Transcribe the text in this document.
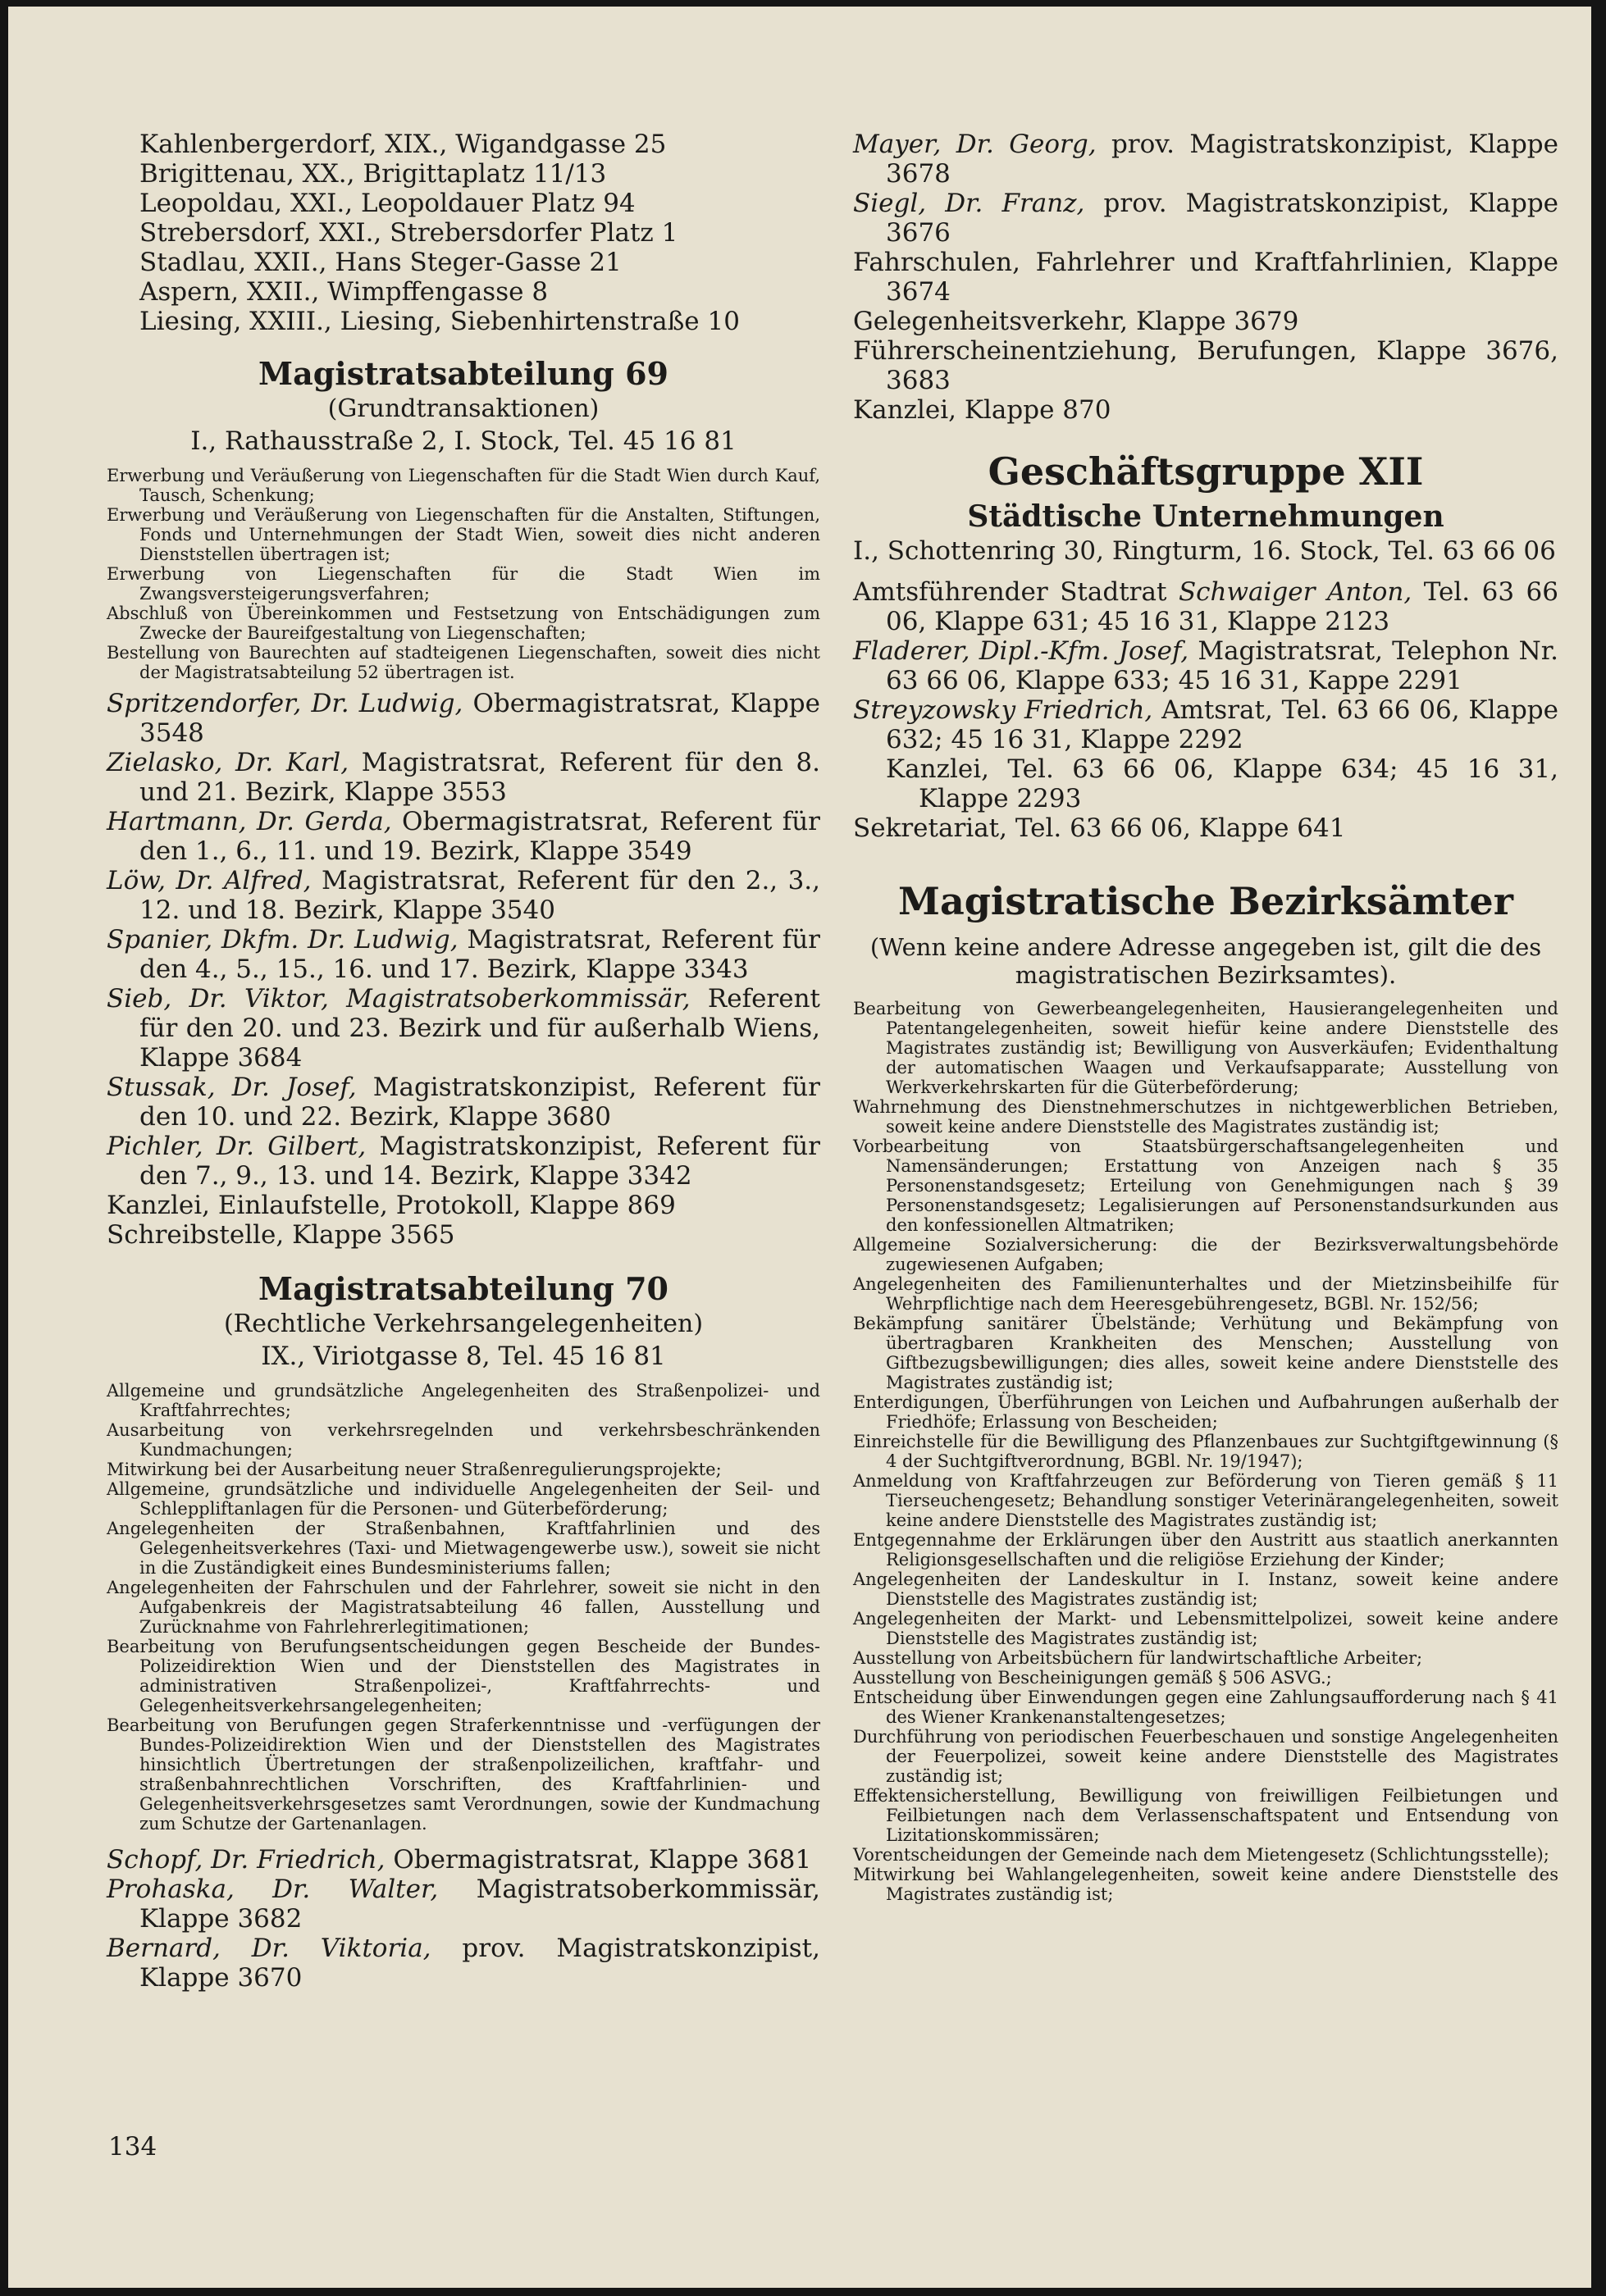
Kahlenbergerdorf, XIX., Wigandgasse 25
Brigittenau, XX., Brigittaplatz 11/13
Leopoldau, XXI., Leopoldauer Platz 94
Strebersdorf, XXI., Strebersdorfer Platz 1
Stadlau, XXII., Hans Steger-Gasse 21
Aspern, XXII., Wimpffengasse 8
Liesing, XXIII., Liesing, Siebenhirtenstraße 10
Magistratsabteilung 69
(Grundtransaktionen)
I., Rathausstraße 2, I. Stock, Tel. 45 16 81
Erwerbung und Veräußerung von Liegenschaften für die Stadt Wien durch Kauf, Tausch, Schenkung;
Erwerbung und Veräußerung von Liegenschaften für die Anstalten, Stiftungen, Fonds und Unternehmungen der Stadt Wien, soweit dies nicht anderen Dienststellen übertragen ist;
Erwerbung von Liegenschaften für die Stadt Wien im Zwangsversteigerungsverfahren;
Abschluß von Übereinkommen und Festsetzung von Entschädigungen zum Zwecke der Baureifgestaltung von Liegenschaften;
Bestellung von Baurechten auf stadteigenen Liegenschaften, soweit dies nicht der Magistratsabteilung 52 übertragen ist.
Spritzendorfer, Dr. Ludwig, Obermagistratsrat, Klappe 3548
Zielasko, Dr. Karl, Magistratsrat, Referent für den 8. und 21. Bezirk, Klappe 3553
Hartmann, Dr. Gerda, Obermagistratsrat, Referent für den 1., 6., 11. und 19. Bezirk, Klappe 3549
Löw, Dr. Alfred, Magistratsrat, Referent für den 2., 3., 12. und 18. Bezirk, Klappe 3540
Spanier, Dkfm. Dr. Ludwig, Magistratsrat, Referent für den 4., 5., 15., 16. und 17. Bezirk, Klappe 3343
Sieb, Dr. Viktor, Magistratsoberkommissär, Referent für den 20. und 23. Bezirk und für außerhalb Wiens, Klappe 3684
Stussak, Dr. Josef, Magistratskonzipist, Referent für den 10. und 22. Bezirk, Klappe 3680
Pichler, Dr. Gilbert, Magistratskonzipist, Referent für den 7., 9., 13. und 14. Bezirk, Klappe 3342
Kanzlei, Einlaufstelle, Protokoll, Klappe 869
Schreibstelle, Klappe 3565
Magistratsabteilung 70
(Rechtliche Verkehrsangelegenheiten)
IX., Viriotgasse 8, Tel. 45 16 81
Allgemeine und grundsätzliche Angelegenheiten des Straßenpolizei- und Kraftfahrrechtes;
Ausarbeitung von verkehrsregelnden und verkehrsbeschränkenden Kundmachungen;
Mitwirkung bei der Ausarbeitung neuer Straßenregulierungsprojekte;
Allgemeine, grundsätzliche und individuelle Angelegenheiten der Seil- und Schleppliftanlagen für die Personen- und Güterbeförderung;
Angelegenheiten der Straßenbahnen, Kraftfahrlinien und des Gelegenheitsverkehres (Taxi- und Mietwagengewerbe usw.), soweit sie nicht in die Zuständigkeit eines Bundesministeriums fallen;
Angelegenheiten der Fahrschulen und der Fahrlehrer, soweit sie nicht in den Aufgabenkreis der Magistratsabteilung 46 fallen, Ausstellung und Zurücknahme von Fahrlehrerlegitimationen;
Bearbeitung von Berufungsentscheidungen gegen Bescheide der Bundes-Polizeidirektion Wien und der Dienststellen des Magistrates in administrativen Straßenpolizei-, Kraftfahrrechts- und Gelegenheitsverkehrsangelegenheiten;
Bearbeitung von Berufungen gegen Straferkenntnisse und -verfügungen der Bundes-Polizeidirektion Wien und der Dienststellen des Magistrates hinsichtlich Übertretungen der straßenpolizeilichen, kraftfahr- und straßenbahnrechtlichen Vorschriften, des Kraftfahrlinien- und Gelegenheitsverkehrsgesetzes samt Verordnungen, sowie der Kundmachung zum Schutze der Gartenanlagen.
Schopf, Dr. Friedrich, Obermagistratsrat, Klappe 3681
Prohaska, Dr. Walter, Magistratsoberkommissär, Klappe 3682
Bernard, Dr. Viktoria, prov. Magistratskonzipist, Klappe 3670
Mayer, Dr. Georg, prov. Magistratskonzipist, Klappe 3678
Siegl, Dr. Franz, prov. Magistratskonzipist, Klappe 3676
Fahrschulen, Fahrlehrer und Kraftfahrlinien, Klappe 3674
Gelegenheitsverkehr, Klappe 3679
Führerscheinentziehung, Berufungen, Klappe 3676, 3683
Kanzlei, Klappe 870
Geschäftsgruppe XII
Städtische Unternehmungen
I., Schottenring 30, Ringturm, 16. Stock, Tel. 63 66 06
Amtsführender Stadtrat Schwaiger Anton, Tel. 63 66 06, Klappe 631; 45 16 31, Klappe 2123
Fladerer, Dipl.-Kfm. Josef, Magistratsrat, Telephon Nr. 63 66 06, Klappe 633; 45 16 31, Kappe 2291
Streyzowsky Friedrich, Amtsrat, Tel. 63 66 06, Klappe 632; 45 16 31, Klappe 2292
Kanzlei, Tel. 63 66 06, Klappe 634; 45 16 31, Klappe 2293
Sekretariat, Tel. 63 66 06, Klappe 641
Magistratische Bezirksämter
(Wenn keine andere Adresse angegeben ist, gilt die des magistratischen Bezirksamtes).
Bearbeitung von Gewerbeangelegenheiten, Hausierangelegenheiten und Patentangelegenheiten, soweit hiefür keine andere Dienststelle des Magistrates zuständig ist; Bewilligung von Ausverkäufen; Evidenthaltung der automatischen Waagen und Verkaufsapparate; Ausstellung von Werkverkehrskarten für die Güterbeförderung;
Wahrnehmung des Dienstnehmerschutzes in nichtgewerblichen Betrieben, soweit keine andere Dienststelle des Magistrates zuständig ist;
Vorbearbeitung von Staatsbürgerschaftsangelegenheiten und Namensänderungen; Erstattung von Anzeigen nach § 35 Personenstandsgesetz; Erteilung von Genehmigungen nach § 39 Personenstandsgesetz; Legalisierungen auf Personenstandsurkunden aus den konfessionellen Altmatriken;
Allgemeine Sozialversicherung: die der Bezirksverwaltungsbehörde zugewiesenen Aufgaben;
Angelegenheiten des Familienunterhaltes und der Mietzinsbeihilfe für Wehrpflichtige nach dem Heeresgebührengesetz, BGBl. Nr. 152/56;
Bekämpfung sanitärer Übelstände; Verhütung und Bekämpfung von übertragbaren Krankheiten des Menschen; Ausstellung von Giftbezugsbewilligungen; dies alles, soweit keine andere Dienststelle des Magistrates zuständig ist;
Enterdigungen, Überführungen von Leichen und Aufbahrungen außerhalb der Friedhöfe; Erlassung von Bescheiden;
Einreichstelle für die Bewilligung des Pflanzenbaues zur Suchtgiftgewinnung (§ 4 der Suchtgiftverordnung, BGBl. Nr. 19/1947);
Anmeldung von Kraftfahrzeugen zur Beförderung von Tieren gemäß § 11 Tierseuchengesetz; Behandlung sonstiger Veterinärangelegenheiten, soweit keine andere Dienststelle des Magistrates zuständig ist;
Entgegennahme der Erklärungen über den Austritt aus staatlich anerkannten Religionsgesellschaften und die religiöse Erziehung der Kinder;
Angelegenheiten der Landeskultur in I. Instanz, soweit keine andere Dienststelle des Magistrates zuständig ist;
Angelegenheiten der Markt- und Lebensmittelpolizei, soweit keine andere Dienststelle des Magistrates zuständig ist;
Ausstellung von Arbeitsbüchern für landwirtschaftliche Arbeiter;
Ausstellung von Bescheinigungen gemäß § 506 ASVG.;
Entscheidung über Einwendungen gegen eine Zahlungsaufforderung nach § 41 des Wiener Krankenanstaltengesetzes;
Durchführung von periodischen Feuerbeschauen und sonstige Angelegenheiten der Feuerpolizei, soweit keine andere Dienststelle des Magistrates zuständig ist;
Effektensicherstellung, Bewilligung von freiwilligen Feilbietungen und Feilbietungen nach dem Verlassenschaftspatent und Entsendung von Lizitationskommissären;
Vorentscheidungen der Gemeinde nach dem Mietengesetz (Schlichtungsstelle);
Mitwirkung bei Wahlangelegenheiten, soweit keine andere Dienststelle des Magistrates zuständig ist;
134
